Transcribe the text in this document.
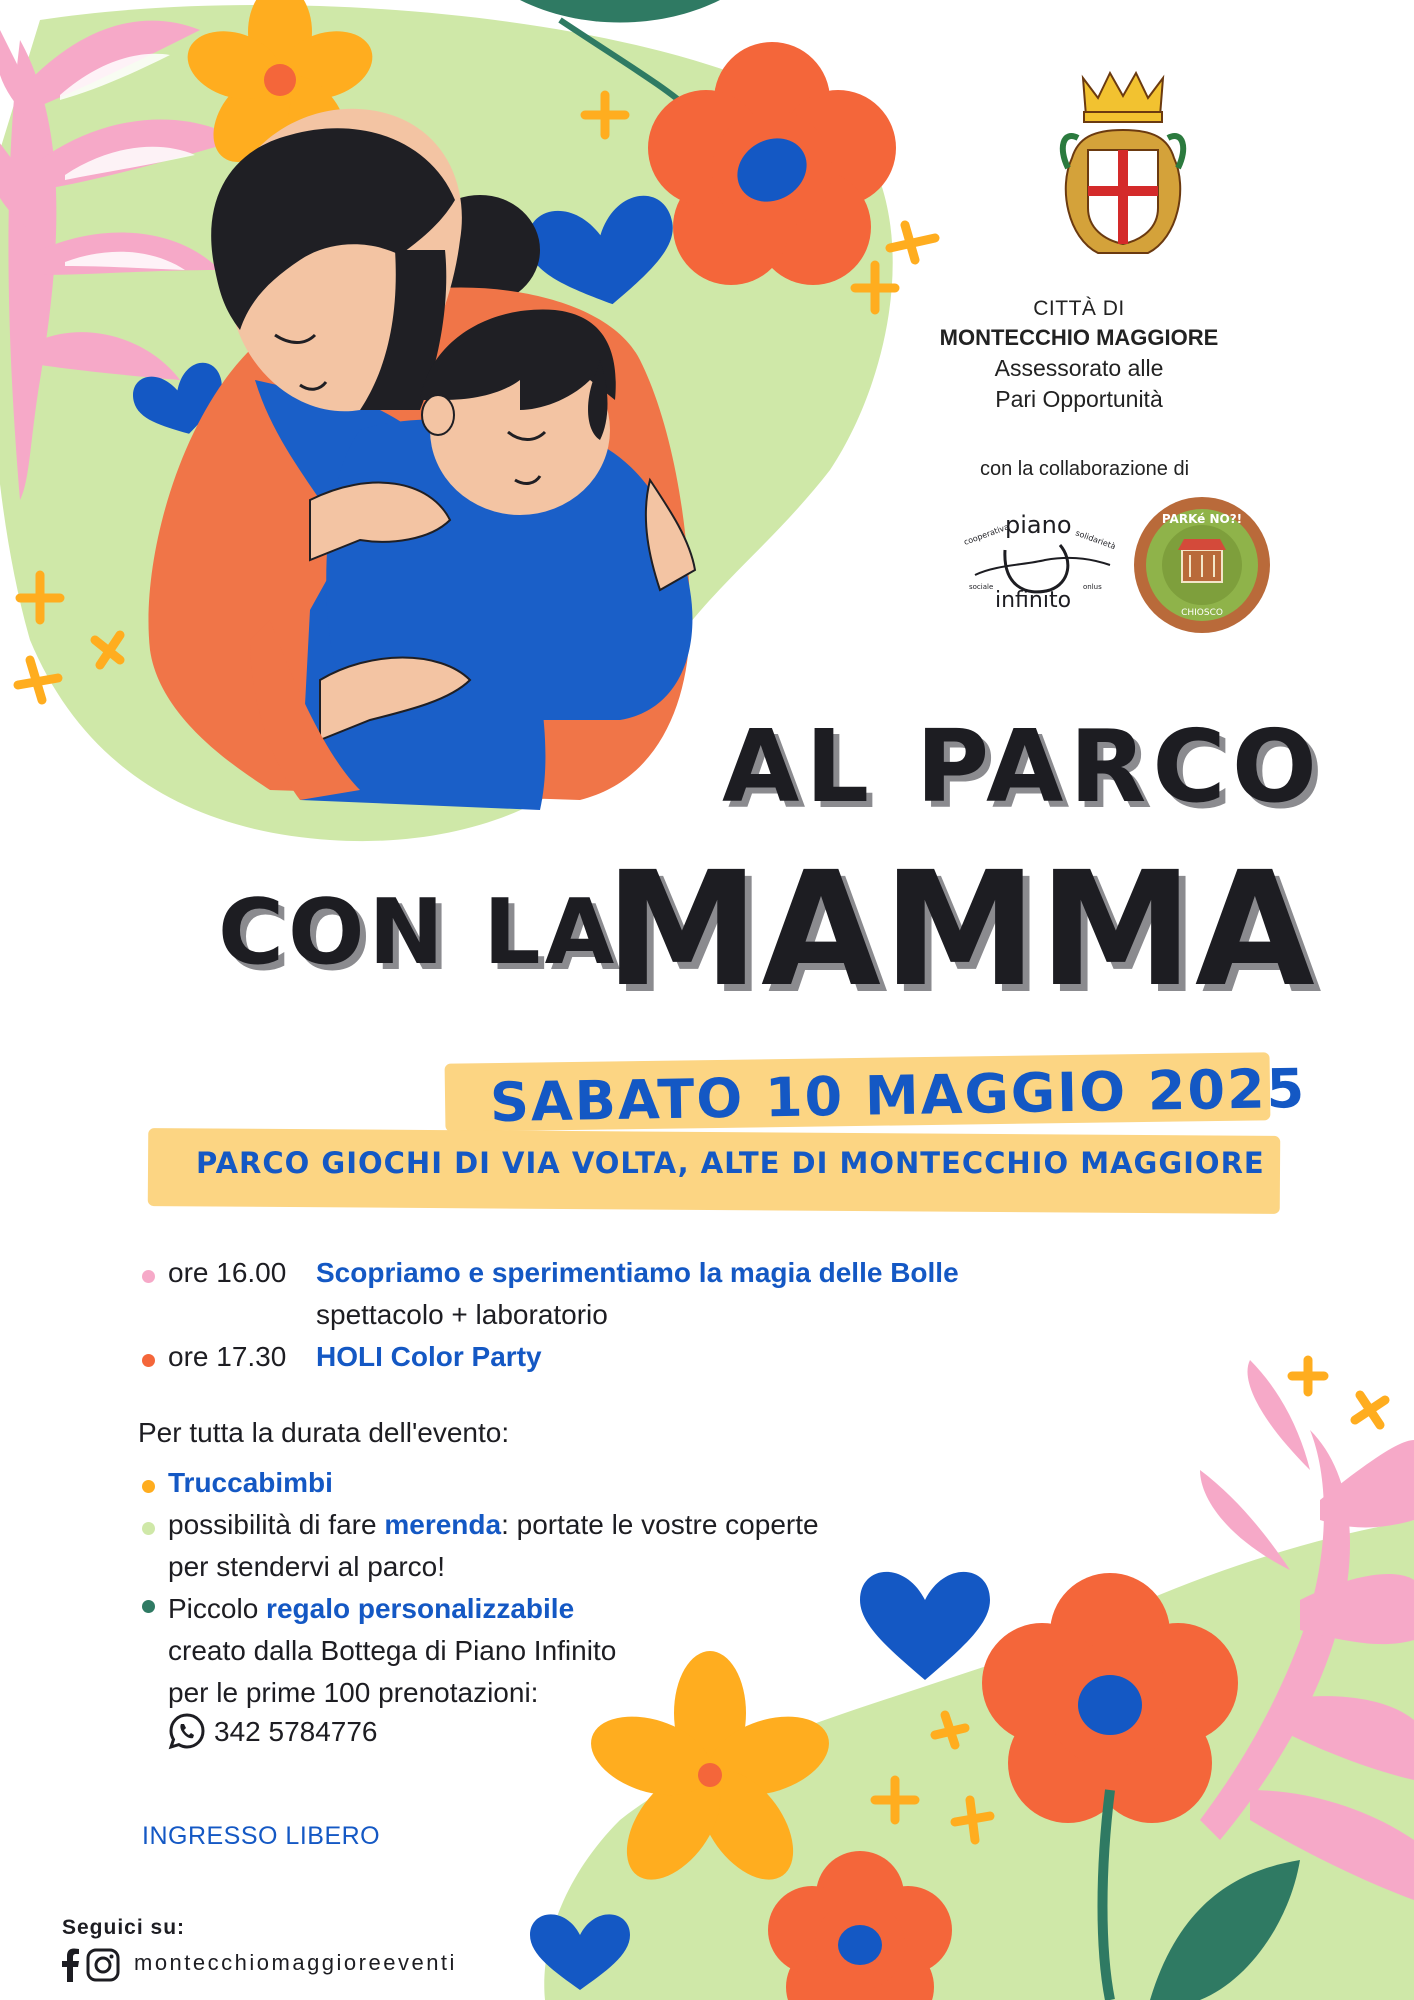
CITTÀ DI
MONTECCHIO MAGGIORE
Assessorato alle
Pari Opportunità
con la collaborazione di
piano
infinito
cooperativa	solidarietà
sociale	onlus
PARKé NO?!
CHIOSCO
AL PARCO
CON LA
MAMMA
SABATO 10 MAGGIO 2025
PARCO GIOCHI DI VIA VOLTA, ALTE DI MONTECCHIO MAGGIORE
ore 16.00 Scopriamo e sperimentiamo la magia delle Bolle
spettacolo + laboratorio
ore 17.30 HOLI Color Party
Per tutta la durata dell'evento:
Truccabimbi
possibilità di fare merenda: portate le vostre coperte
per stendervi al parco!
Piccolo regalo personalizzabile
creato dalla Bottega di Piano Infinito
per le prime 100 prenotazioni:
342 5784776
INGRESSO LIBERO
Seguici su:
montecchiomaggioreeventi
